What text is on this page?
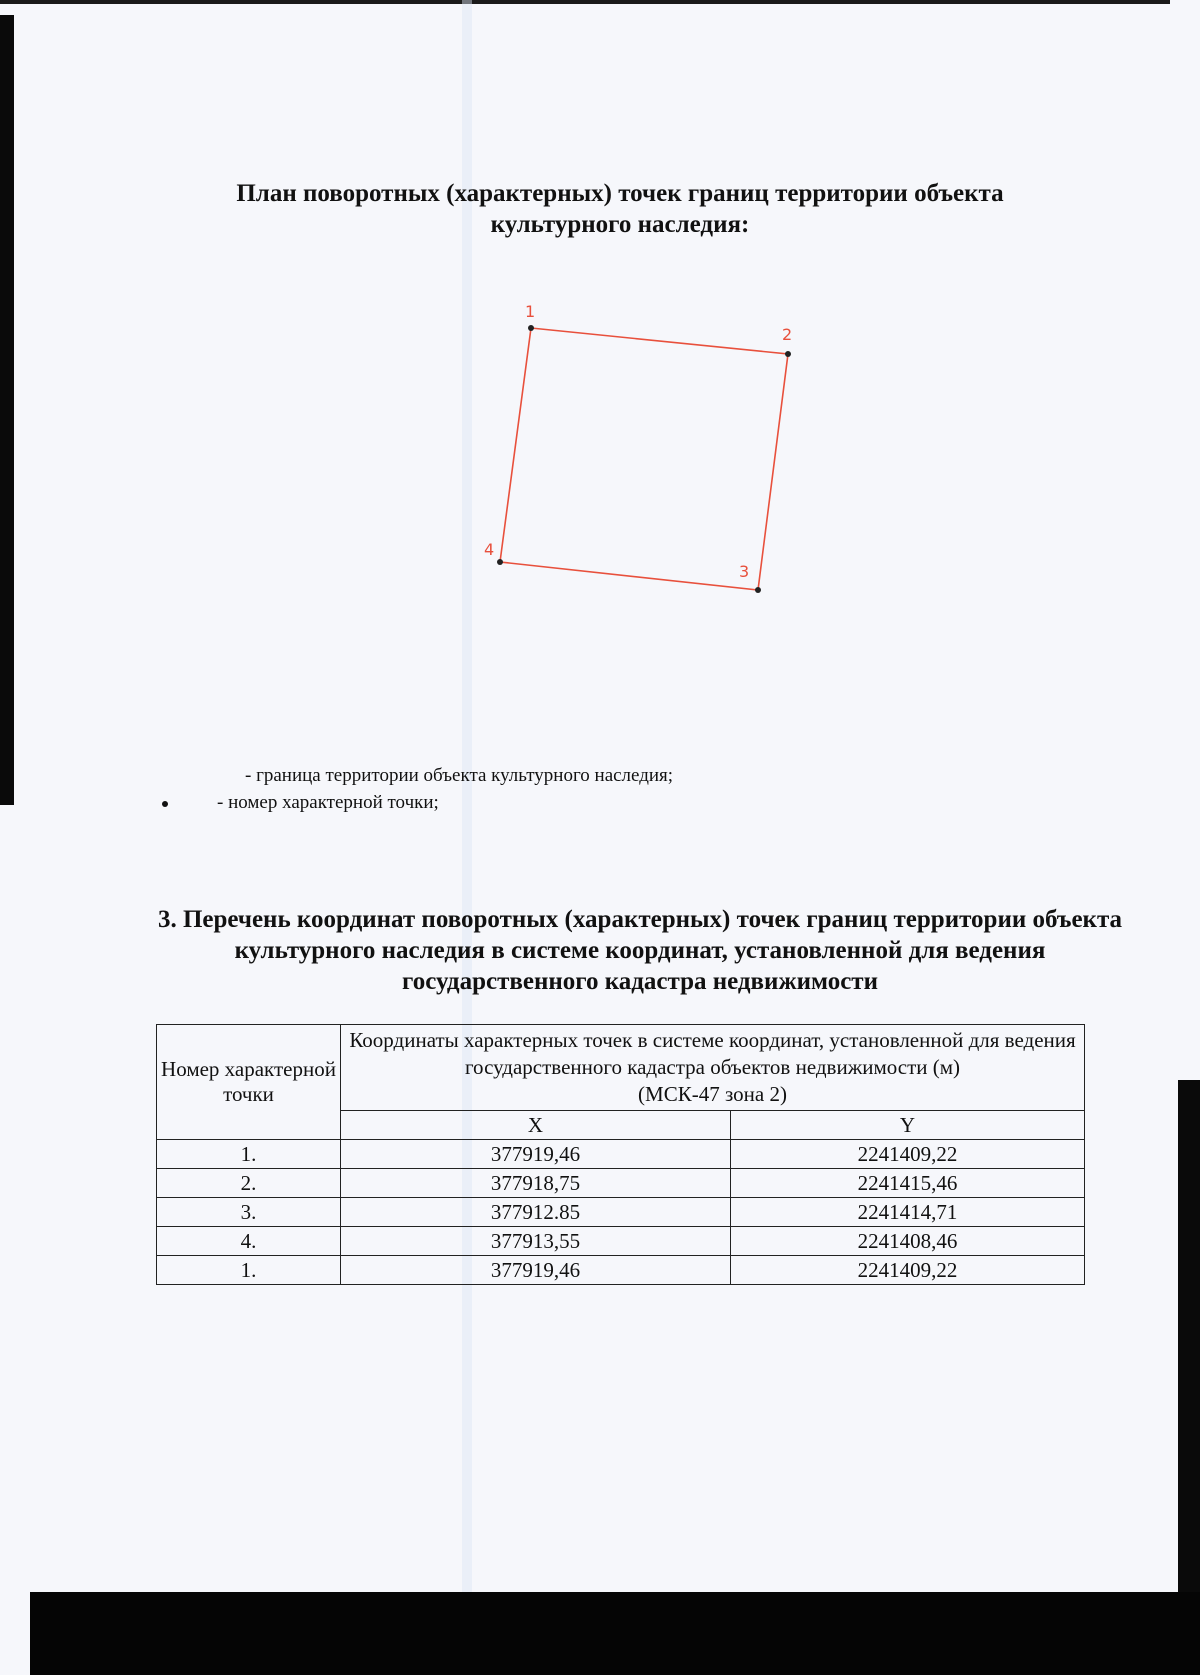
План поворотных (характерных) точек границ территории объекта культурного наследия:
1
2
3
4
- граница территории объекта культурного наследия;
- номер характерной точки;
3. Перечень координат поворотных (характерных) точек границ территории объекта культурного наследия в системе координат, установленной для ведения государственного кадастра недвижимости
Номер характерной точки	Координаты характерных точек в системе координат, установленной для ведения государственного кадастра объектов недвижимости (м)
(МСК-47 зона 2)	

	X	Y
1.	377919,46	2241409,22
2.	377918,75	2241415,46
3.	377912.85	2241414,71
4.	377913,55	2241408,46
1.	377919,46	2241409,22
